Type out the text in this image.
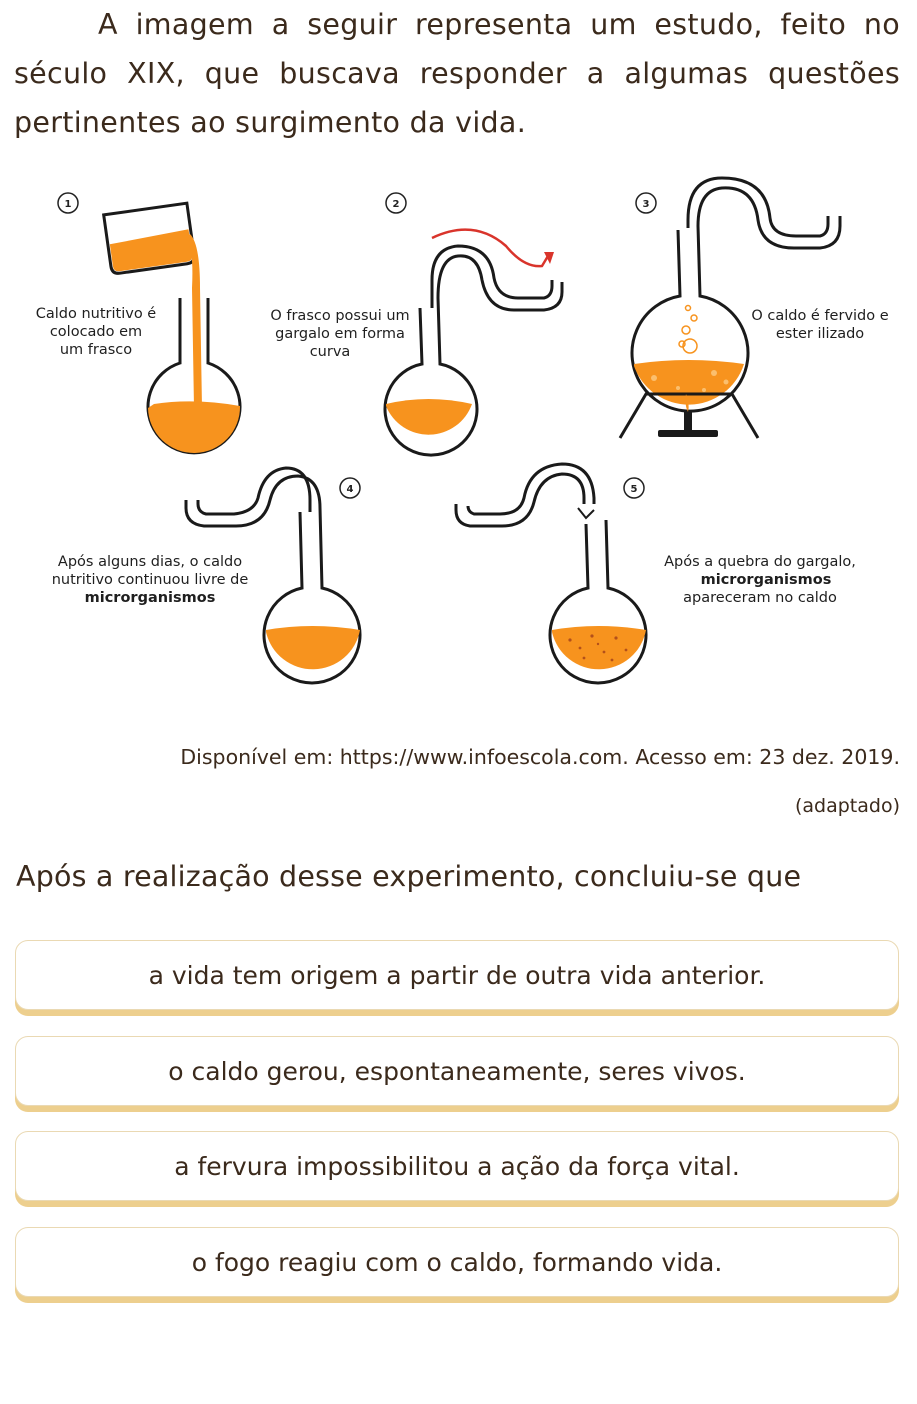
A imagem a seguir representa um estudo, feito no século XIX, que buscava responder a algumas questões pertinentes ao surgimento da vida.
1
Caldo nutritivo é
colocado em
um frasco
2
O frasco possui um
gargalo em forma
curva
3
O caldo é fervido e
ester ilizado
4
Após alguns dias, o caldo
nutritivo continuou livre de
microrganismos
5
Após a quebra do gargalo,
microrganismos
apareceram no caldo
Disponível em: https://www.infoescola.com. Acesso em: 23 dez. 2019.
(adaptado)
Após a realização desse experimento, concluiu-se que
a vida tem origem a partir de outra vida anterior.
o caldo gerou, espontaneamente, seres vivos.
a fervura impossibilitou a ação da força vital.
o fogo reagiu com o caldo, formando vida.
